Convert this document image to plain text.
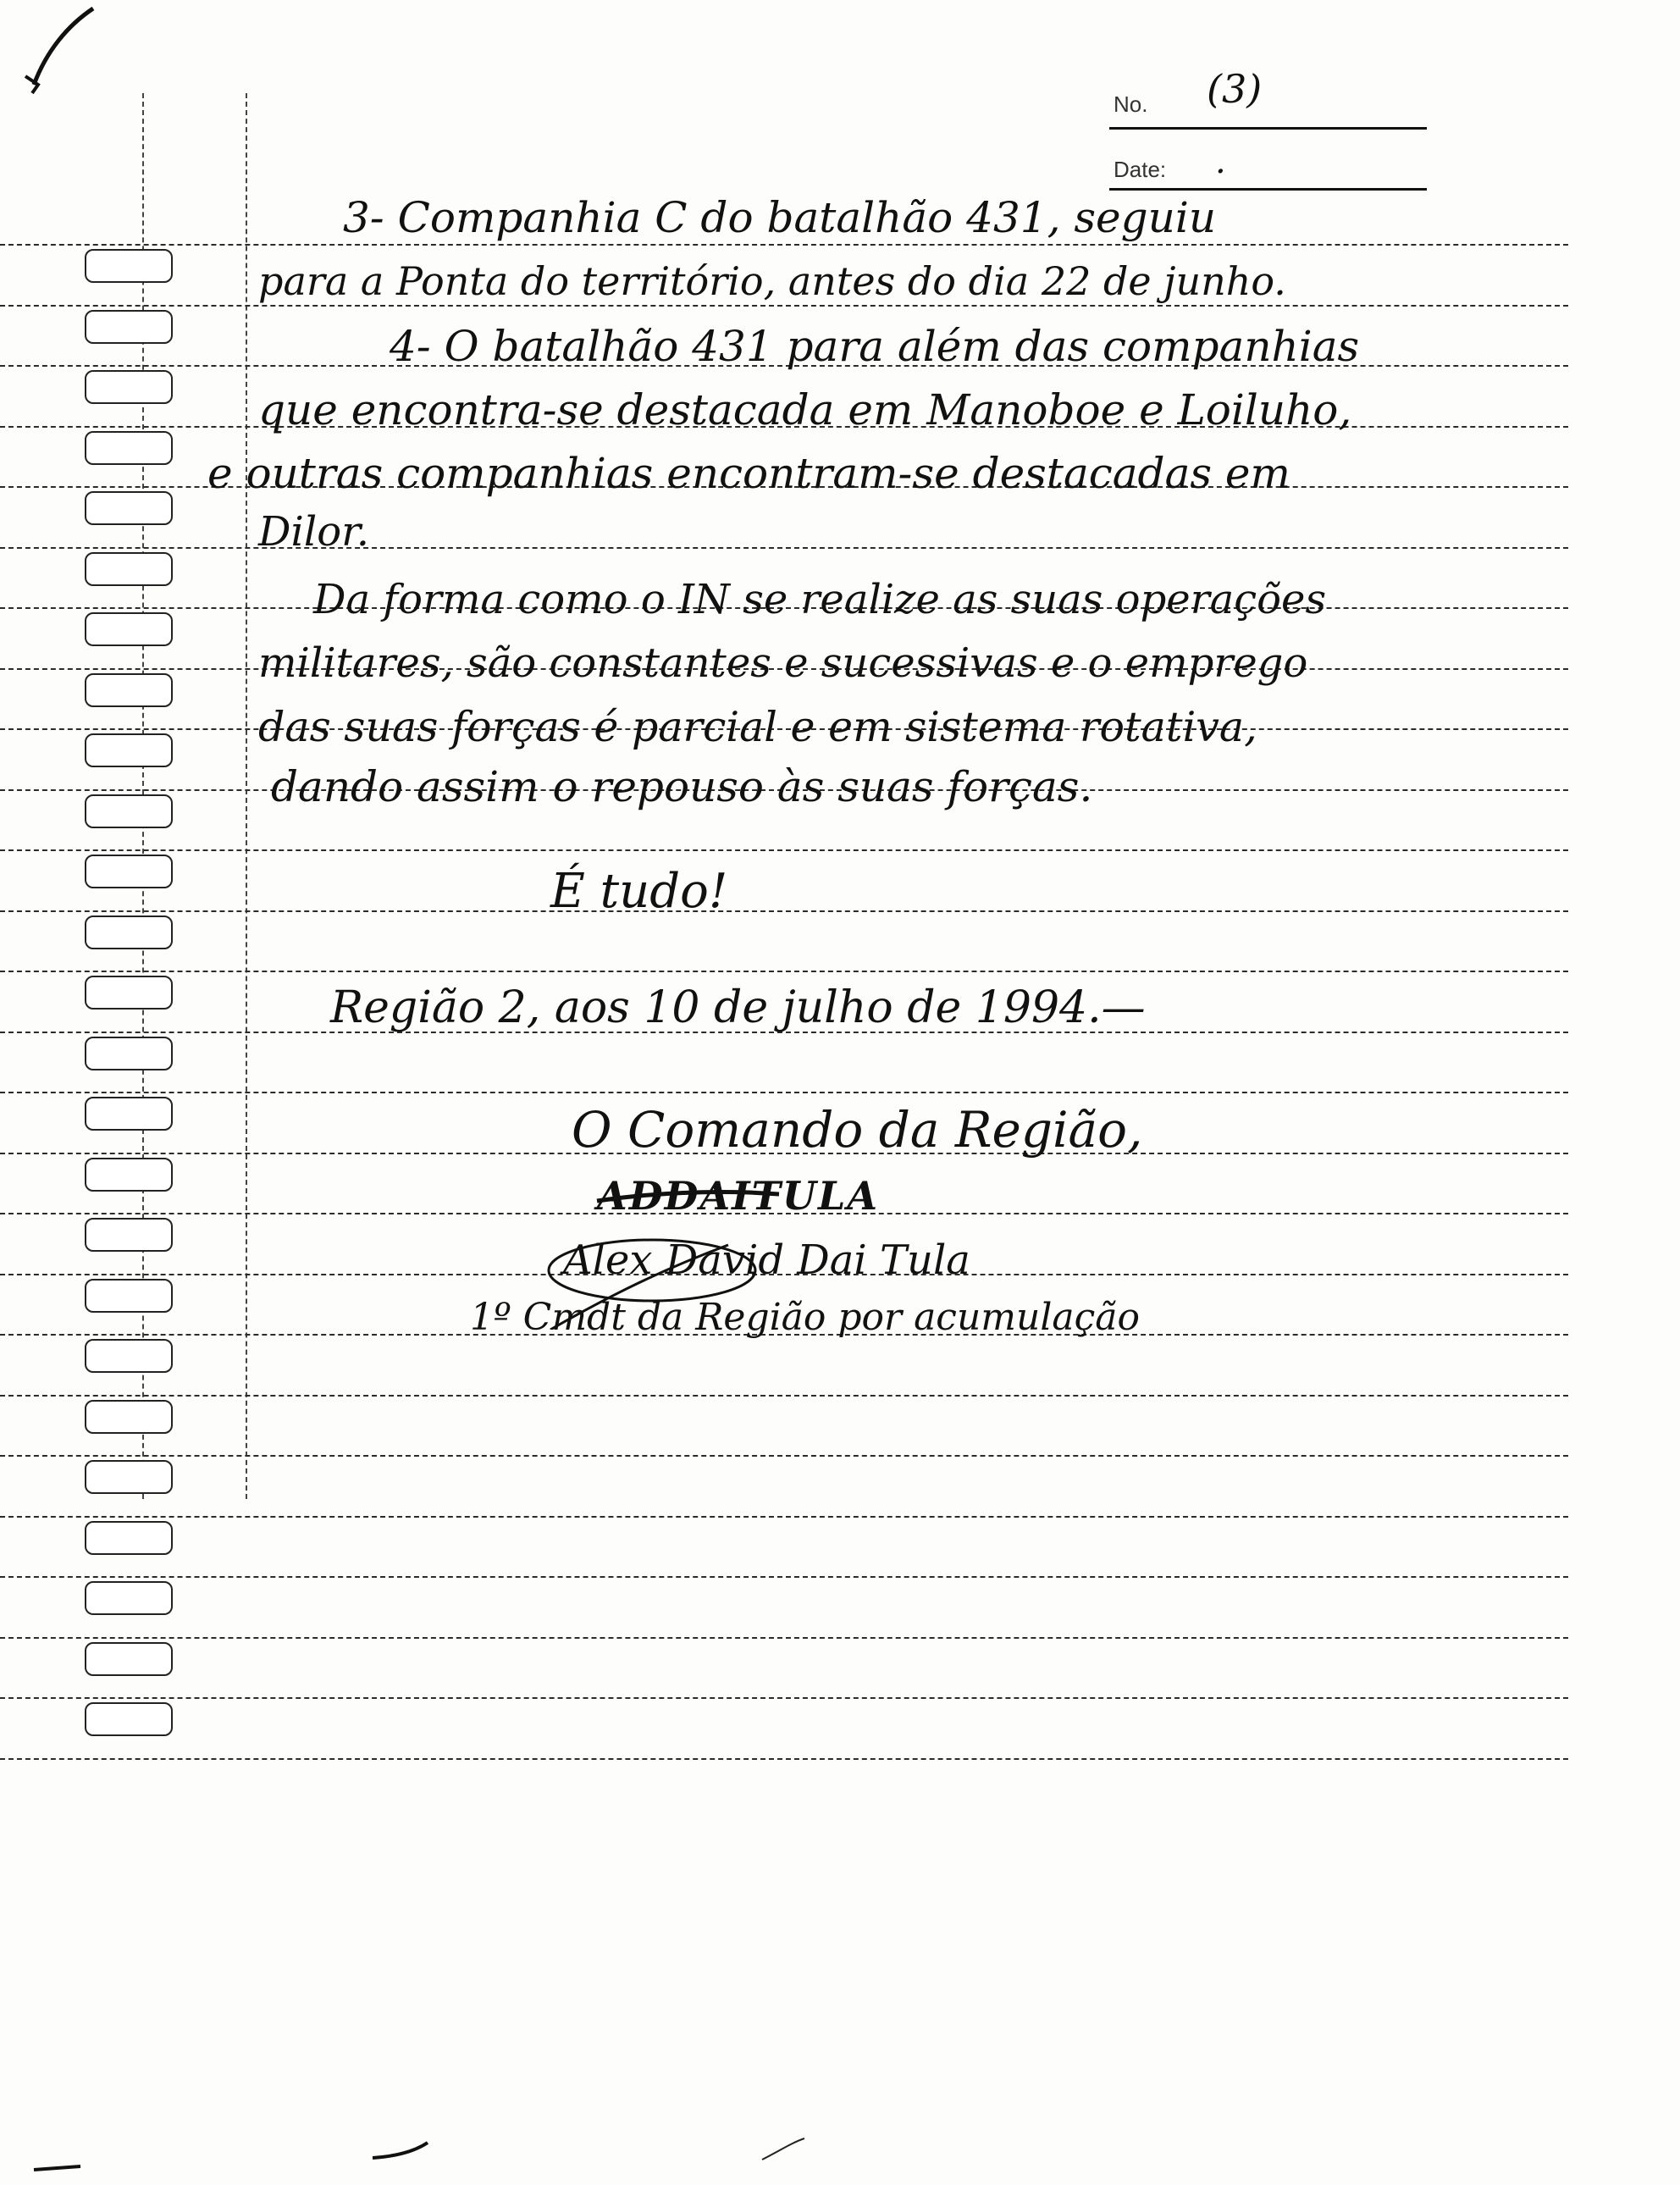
No. (3)
Date: .
3- Companhia C do batalhão 431, seguiu
para a Ponta do território, antes do dia 22 de junho.
4- O batalhão 431 para além das companhias
que encontra-se destacada em Manoboe e Loiluho,
e outras companhias encontram-se destacadas em
Dilor.
Da forma como o IN se realize as suas operações
militares, são constantes e sucessivas e o emprego
das suas forças é parcial e em sistema rotativa,
dando assim o repouso às suas forças.
É tudo!
Região 2, aos 10 de julho de 1994.—
O Comando da Região,
ADDAITULA
Alex David Dai Tula
1º Cmdt da Região por acumulação
